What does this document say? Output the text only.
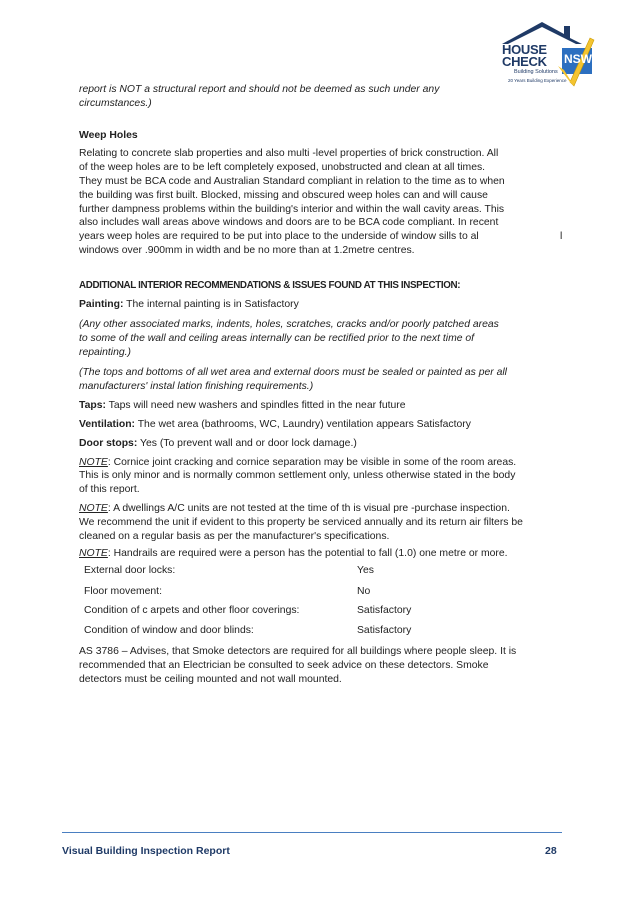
HOUSE
CHECK NSW
Building Solutions
20 Years Building Experience
report is NOT a structural report and should not be deemed as such under any
circumstances.)
Weep Holes
Relating to concrete slab properties and also multi -level properties of brick construction. All
of the weep holes are to be left completely exposed, unobstructed and clean at all times.
They must be BCA code and Australian Standard compliant in relation to the time as to when
the building was first built. Blocked, missing and obscured weep holes can and will cause
further dampness problems within the building's interior and within the wall cavity areas. This
also includes wall areas above windows and doors are to be BCA code compliant. In recent
years weep holes are required to be put into place to the underside of window sills to al	l
windows over .900mm in width and be no more than at 1.2metre centres.
ADDITIONAL INTERIOR RECOMMENDATIONS & ISSUES FOUND AT THIS INSPECTION:
Painting: The internal painting is in Satisfactory
(Any other associated marks, indents, holes, scratches, cracks and/or poorly patched areas
to some of the wall and ceiling areas internally can be rectified prior to the next time of
repainting.)
(The tops and bottoms of all wet area and external doors must be sealed or painted as per all
manufacturers' instal lation finishing requirements.)
Taps: Taps will need new washers and spindles fitted in the near future
Ventilation: The wet area (bathrooms, WC, Laundry) ventilation appears Satisfactory
Door stops: Yes (To prevent wall and or door lock damage.)
NOTE: Cornice joint cracking and cornice separation may be visible in some of the room areas.
This is only minor and is normally common settlement only, unless otherwise stated in the body
of this report.
NOTE: A dwellings A/C units are not tested at the time of th is visual pre -purchase inspection.
We recommend the unit if evident to this property be serviced annually and its return air filters be
cleaned on a regular basis as per the manufacturer's specifications.
NOTE: Handrails are required were a person has the potential to fall (1.0) one metre or more.
External door locks:	Yes
Floor movement:	No
Condition of c arpets and other floor coverings:	Satisfactory
Condition of window and door blinds:	Satisfactory
AS 3786 – Advises, that Smoke detectors are required for all buildings where people sleep. It is
recommended that an Electrician be consulted to seek advice on these detectors. Smoke
detectors must be ceiling mounted and not wall mounted.
Visual Building Inspection Report	28
